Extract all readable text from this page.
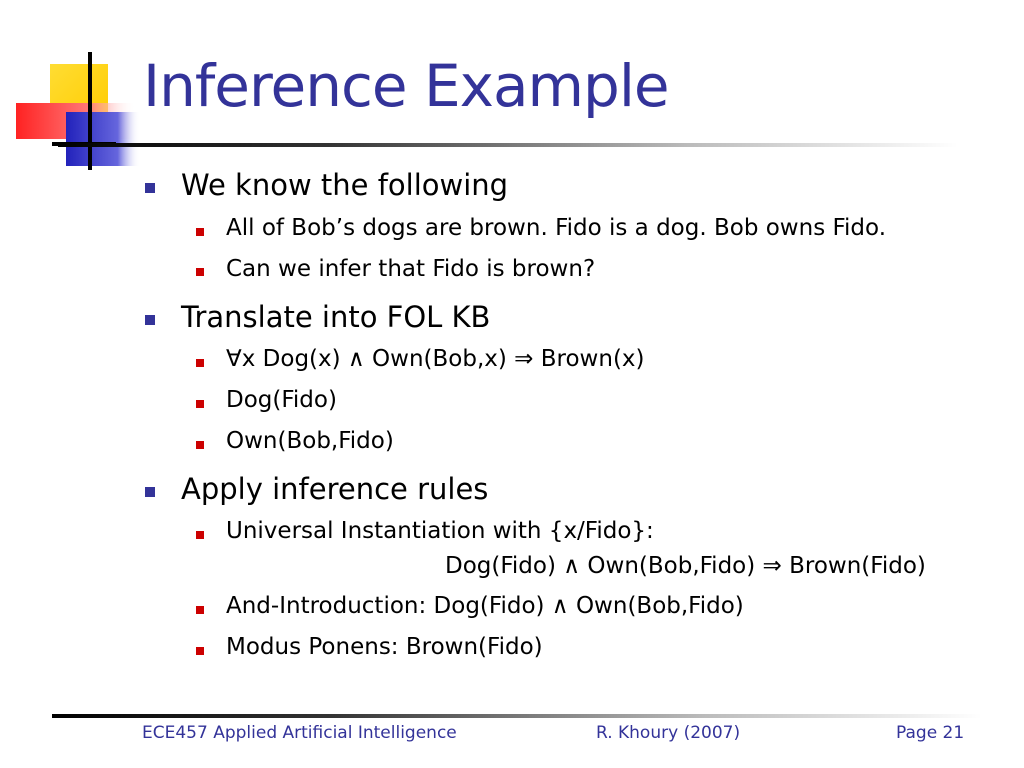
Inference Example
We know the following
All of Bob’s dogs are brown. Fido is a dog. Bob owns Fido.
Can we infer that Fido is brown?
Translate into FOL KB
∀x Dog(x) ∧ Own(Bob,x) ⇒ Brown(x)
Dog(Fido)
Own(Bob,Fido)
Apply inference rules
Universal Instantiation with {x/Fido}:
Dog(Fido) ∧ Own(Bob,Fido) ⇒ Brown(Fido)
And-Introduction: Dog(Fido) ∧ Own(Bob,Fido)
Modus Ponens: Brown(Fido)
ECE457 Applied Artificial Intelligence	R. Khoury (2007)	Page 21
